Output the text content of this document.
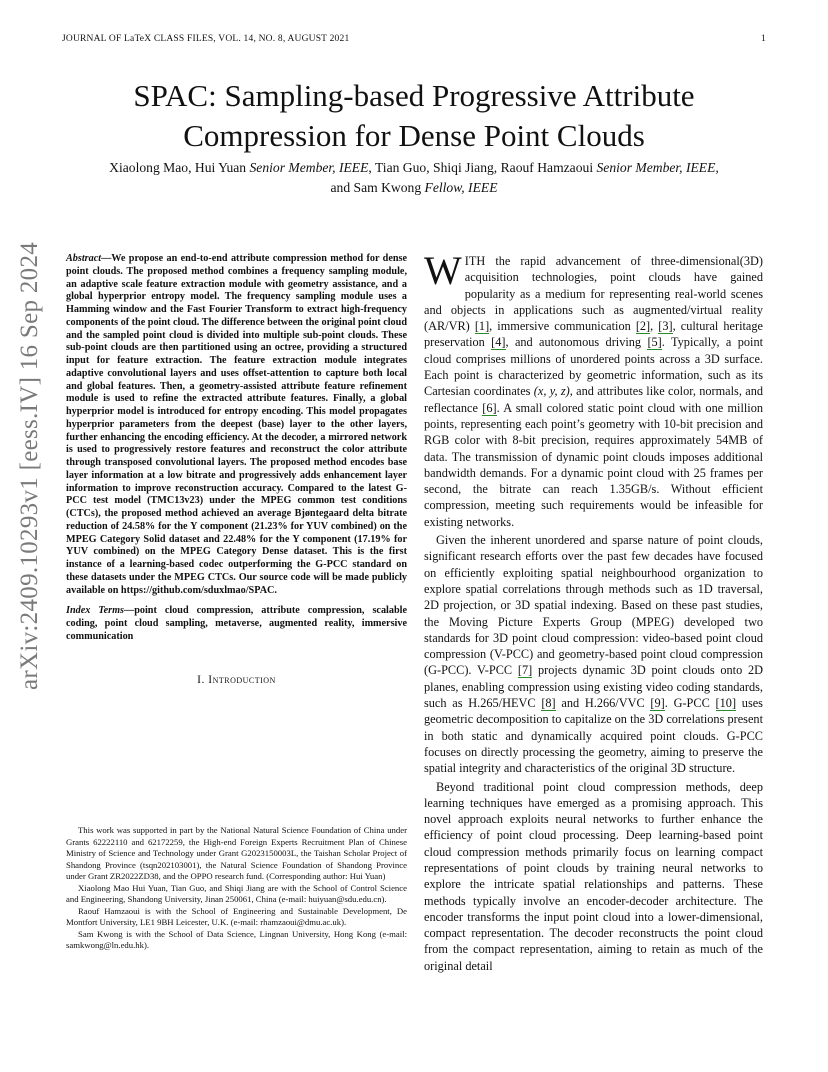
JOURNAL OF LaTeX CLASS FILES, VOL. 14, NO. 8, AUGUST 2021	1
SPAC: Sampling-based Progressive Attribute
Compression for Dense Point Clouds
Xiaolong Mao, Hui Yuan Senior Member, IEEE, Tian Guo, Shiqi Jiang, Raouf Hamzaoui Senior Member, IEEE,
and Sam Kwong Fellow, IEEE
arXiv:2409.10293v1 [eess.IV] 16 Sep 2024 Abstract—We propose an end-to-end attribute compression method for dense point clouds. The proposed method combines a frequency sampling module, an adaptive scale feature extraction module with geometry assistance, and a global hyperprior entropy model. The frequency sampling module uses a Hamming window and the Fast Fourier Transform to extract high-frequency components of the point cloud. The difference between the original point cloud and the sampled point cloud is divided into multiple sub-point clouds. These sub-point clouds are then partitioned using an octree, providing a structured input for feature extraction. The feature extraction module integrates adaptive convolutional layers and uses offset-attention to capture both local and global features. Then, a geometry-assisted attribute feature refinement module is used to refine the extracted attribute features. Finally, a global hyperprior model is introduced for entropy encoding. This model propagates hyperprior parameters from the deepest (base) layer to the other layers, further enhancing the encoding efficiency. At the decoder, a mirrored network is used to progressively restore features and reconstruct the color attribute through transposed convolutional layers. The proposed method encodes base layer information at a low bitrate and progressively adds enhancement layer information to improve reconstruction accuracy. Compared to the latest G-PCC test model (TMC13v23) under the MPEG common test conditions (CTCs), the proposed method achieved an average Bjøntegaard delta bitrate reduction of 24.58% for the Y component (21.23% for YUV combined) on the MPEG Category Solid dataset and 22.48% for the Y component (17.19% for YUV combined) on the MPEG Category Dense dataset. This is the first instance of a learning-based codec outperforming the G-PCC standard on these datasets under the MPEG CTCs. Our source code will be made publicly available on https://github.com/sduxlmao/SPAC.

Index Terms—point cloud compression, attribute compression, scalable coding, point cloud sampling, metaverse, augmented reality, immersive communication

I. Introduction

This work was supported in part by the National Natural Science Foundation of China under Grants 62222110 and 62172259, the High-end Foreign Experts Recruitment Plan of Chinese Ministry of Science and Technology under Grant G2023150003L, the Taishan Scholar Project of Shandong Province (tsqn202103001), the Natural Science Foundation of Shandong Province under Grant ZR2022ZD38, and the OPPO research fund. (Corresponding author: Hui Yuan)

Xiaolong Mao Hui Yuan, Tian Guo, and Shiqi Jiang are with the School of Control Science and Engineering, Shandong University, Jinan 250061, China (e-mail: huiyuan@sdu.edu.cn).

Raouf Hamzaoui is with the School of Engineering and Sustainable Development, De Montfort University, LE1 9BH Leicester, U.K. (e-mail: rhamzaoui@dmu.ac.uk).

Sam Kwong is with the School of Data Science, Lingnan University, Hong Kong (e-mail: samkwong@ln.edu.hk).

WITH the rapid advancement of three-dimensional(3D) acquisition technologies, point clouds have gained popularity as a medium for representing real-world scenes and objects in applications such as augmented/virtual reality (AR/VR) [1], immersive communication [2], [3], cultural heritage preservation [4], and autonomous driving [5]. Typically, a point cloud comprises millions of unordered points across a 3D surface. Each point is characterized by geometric information, such as its Cartesian coordinates (x, y, z), and attributes like color, normals, and reflectance [6]. A small colored static point cloud with one million points, representing each point’s geometry with 10-bit precision and RGB color with 8-bit precision, requires approximately 54MB of data. The transmission of dynamic point clouds imposes additional bandwidth demands. For a dynamic point cloud with 25 frames per second, the bitrate can reach 1.35GB/s. Without efficient compression, meeting such requirements would be infeasible for existing networks.

Given the inherent unordered and sparse nature of point clouds, significant research efforts over the past few decades have focused on efficiently exploiting spatial neighbourhood organization to explore spatial correlations through methods such as 1D traversal, 2D projection, or 3D spatial indexing. Based on these past studies, the Moving Picture Experts Group (MPEG) developed two standards for 3D point cloud compression: video-based point cloud compression (V-PCC) and geometry-based point cloud compression (G-PCC). V-PCC [7] projects dynamic 3D point clouds onto 2D planes, enabling compression using existing video coding standards, such as H.265/HEVC [8] and H.266/VVC [9]. G-PCC [10] uses geometric decomposition to capitalize on the 3D correlations present in both static and dynamically acquired point clouds. G-PCC focuses on directly processing the geometry, aiming to preserve the spatial integrity and characteristics of the original 3D structure.

Beyond traditional point cloud compression methods, deep learning techniques have emerged as a promising approach. This novel approach exploits neural networks to further enhance the efficiency of point cloud processing. Deep learning-based point cloud compression methods primarily focus on learning compact representations of point clouds by training neural networks to explore the intricate spatial relationships and patterns. These methods typically involve an encoder-decoder architecture. The encoder transforms the input point cloud into a lower-dimensional, compact representation. The decoder reconstructs the point cloud from the compact representation, aiming to retain as much of the original detail
